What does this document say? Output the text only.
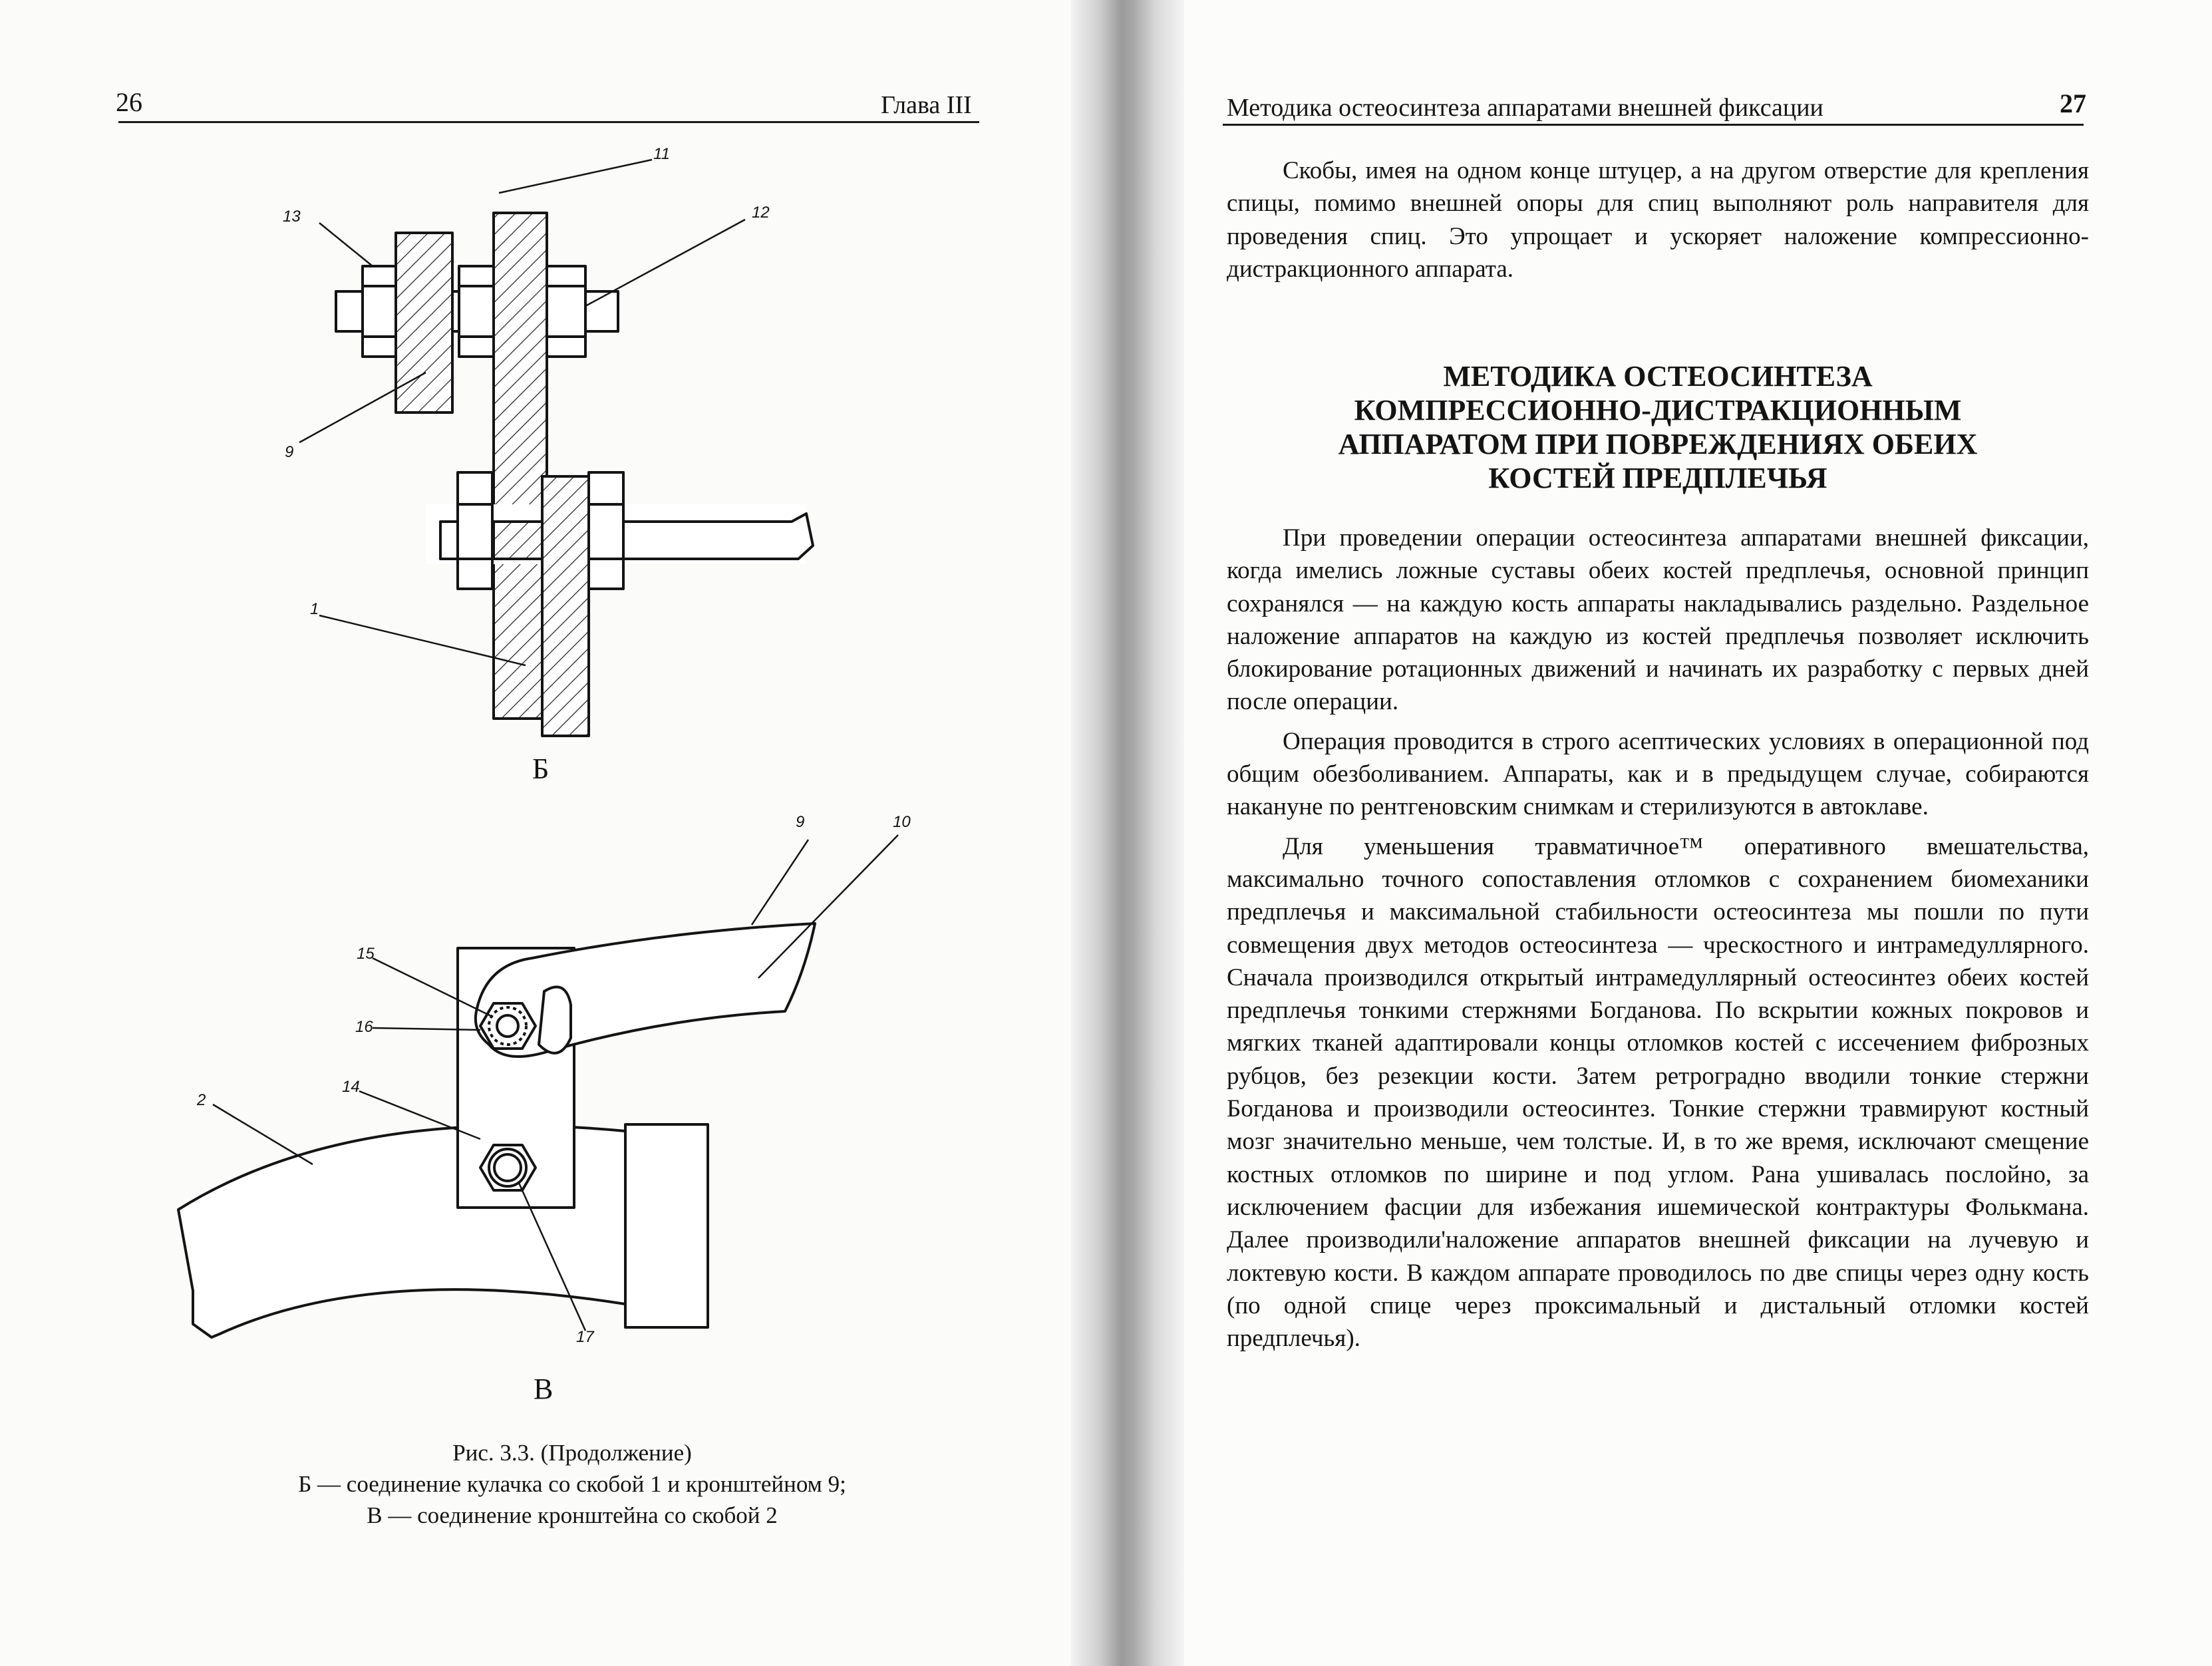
26	Глава III
11
12
13
9
1
Б
9	10
15
16
2
14
17
В
Рис. 3.3. (Продолжение)
Б — соединение кулачка со скобой 1 и кронштейном 9;
В — соединение кронштейна со скобой 2
Методика остеосинтеза аппаратами внешней фиксации	27

Скобы, имея на одном конце штуцер, а на другом отверстие для крепления спицы, помимо внешней опоры для спиц выполняют роль направителя для проведения спиц. Это упрощает и ускоряет наложение компрессионно-дистракционного аппарата.

МЕТОДИКА ОСТЕОСИНТЕЗА
КОМПРЕССИОННО-ДИСТРАКЦИОННЫМ
АППАРАТОМ ПРИ ПОВРЕЖДЕНИЯХ ОБЕИХ
КОСТЕЙ ПРЕДПЛЕЧЬЯ

При проведении операции остеосинтеза аппаратами внешней фиксации, когда имелись ложные суставы обеих костей предплечья, основной принцип сохранялся — на каждую кость аппараты накладывались раздельно. Раздельное наложение аппаратов на каждую из костей предплечья позволяет исключить блокирование ротационных движений и начинать их разработку с первых дней после операции.

Операция проводится в строго асептических условиях в операционной под общим обезболиванием. Аппараты, как и в предыдущем случае, собираются накануне по рентгеновским снимкам и стерилизуются в автоклаве.

Для уменьшения травматичное™ оперативного вмешательства, максимально точного сопоставления отломков с сохранением биомеханики предплечья и максимальной стабильности остеосинтеза мы пошли по пути совмещения двух методов остеосинтеза — чрескостного и интрамедуллярного. Сначала производился открытый интрамедуллярный остеосинтез обеих костей предплечья тонкими стержнями Богданова. По вскрытии кожных покровов и мягких тканей адаптировали концы отломков костей с иссечением фиброзных рубцов, без резекции кости. Затем ретроградно вводили тонкие стержни Богданова и производили остеосинтез. Тонкие стержни травмируют костный мозг значительно меньше, чем толстые. И, в то же время, исключают смещение костных отломков по ширине и под углом. Рана ушивалась послойно, за исключением фасции для избежания ишемической контрактуры Фолькмана. Далее производили'наложение аппаратов внешней фиксации на лучевую и локтевую кости. В каждом аппарате проводилось по две спицы через одну кость (по одной спице через проксимальный и дистальный отломки костей предплечья).
